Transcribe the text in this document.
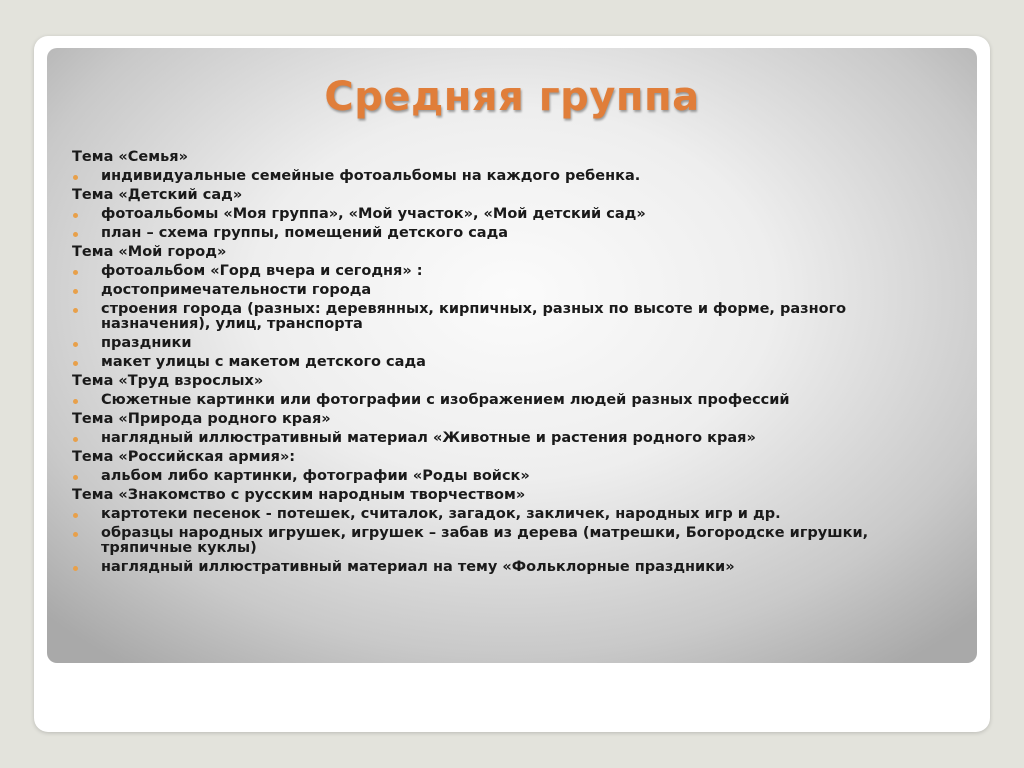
Средняя группа
Тема «Семья»
индивидуальные семейные фотоальбомы на каждого ребенка.
Тема «Детский сад»
фотоальбомы «Моя группа», «Мой участок», «Мой детский сад»
план – схема группы, помещений детского сада
Тема «Мой город»
фотоальбом «Горд вчера и сегодня» :
достопримечательности города
строения города (разных: деревянных, кирпичных, разных по высоте и форме, разного назначения), улиц, транспорта
праздники
макет улицы с макетом детского сада
Тема «Труд взрослых»
Сюжетные картинки или фотографии с изображением людей разных профессий
Тема «Природа родного края»
наглядный иллюстративный материал «Животные и растения родного края»
Тема «Российская армия»:
альбом либо картинки, фотографии «Роды войск»
Тема «Знакомство с русским народным творчеством»
картотеки песенок - потешек, считалок, загадок, закличек, народных игр и др.
образцы народных игрушек, игрушек – забав из дерева (матрешки, Богородске игрушки, тряпичные куклы)
наглядный иллюстративный материал на тему «Фольклорные праздники»
